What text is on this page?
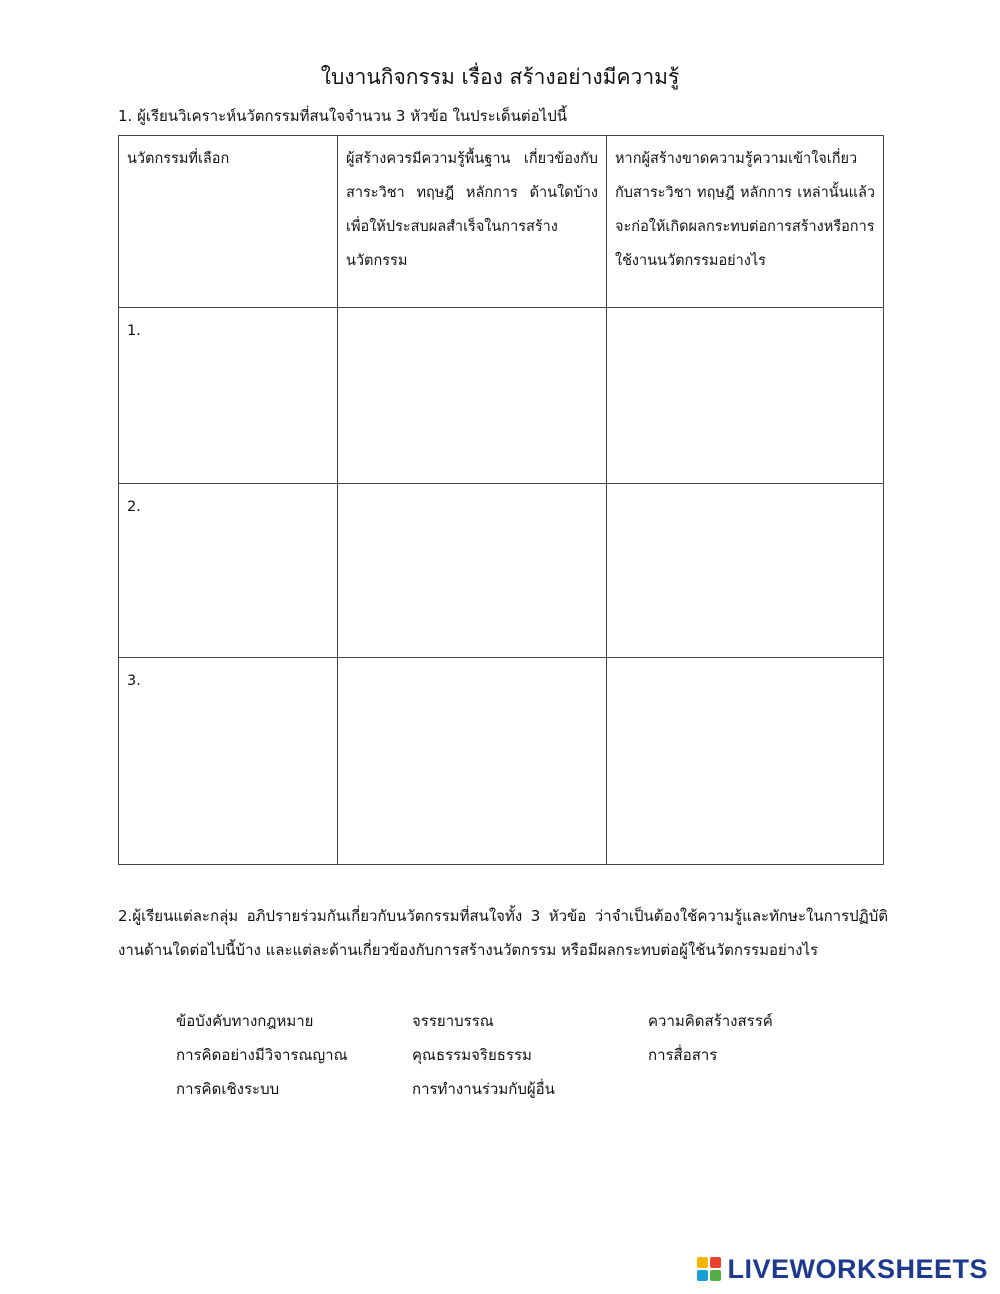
ใบงานกิจกรรม เรื่อง สร้างอย่างมีความรู้
1. ผู้เรียนวิเคราะห์นวัตกรรมที่สนใจจำนวน 3 หัวข้อ ในประเด็นต่อไปนี้
นวัตกรรมที่เลือก	ผู้สร้างควรมีความรู้พื้นฐาน เกี่ยวข้องกับสาระวิชา ทฤษฎี หลักการ ด้านใดบ้าง เพื่อให้ประสบผลสำเร็จในการสร้างนวัตกรรม	หากผู้สร้างขาดความรู้ความเข้าใจเกี่ยวกับสาระวิชา ทฤษฎี หลักการ เหล่านั้นแล้วจะก่อให้เกิดผลกระทบต่อการสร้างหรือการใช้งานนวัตกรรมอย่างไร
1.		
2.		
3.		
2.ผู้เรียนแต่ละกลุ่ม อภิปรายร่วมกันเกี่ยวกับนวัตกรรมที่สนใจทั้ง 3 หัวข้อ ว่าจำเป็นต้องใช้ความรู้และทักษะในการปฏิบัติงานด้านใดต่อไปนี้บ้าง และแต่ละด้านเกี่ยวข้องกับการสร้างนวัตกรรม หรือมีผลกระทบต่อผู้ใช้นวัตกรรมอย่างไร
ข้อบังคับทางกฎหมาย	จรรยาบรรณ	ความคิดสร้างสรรค์
การคิดอย่างมีวิจารณญาณ	คุณธรรมจริยธรรม	การสื่อสาร
การคิดเชิงระบบ	การทำงานร่วมกับผู้อื่น
LIVEWORKSHEETS
